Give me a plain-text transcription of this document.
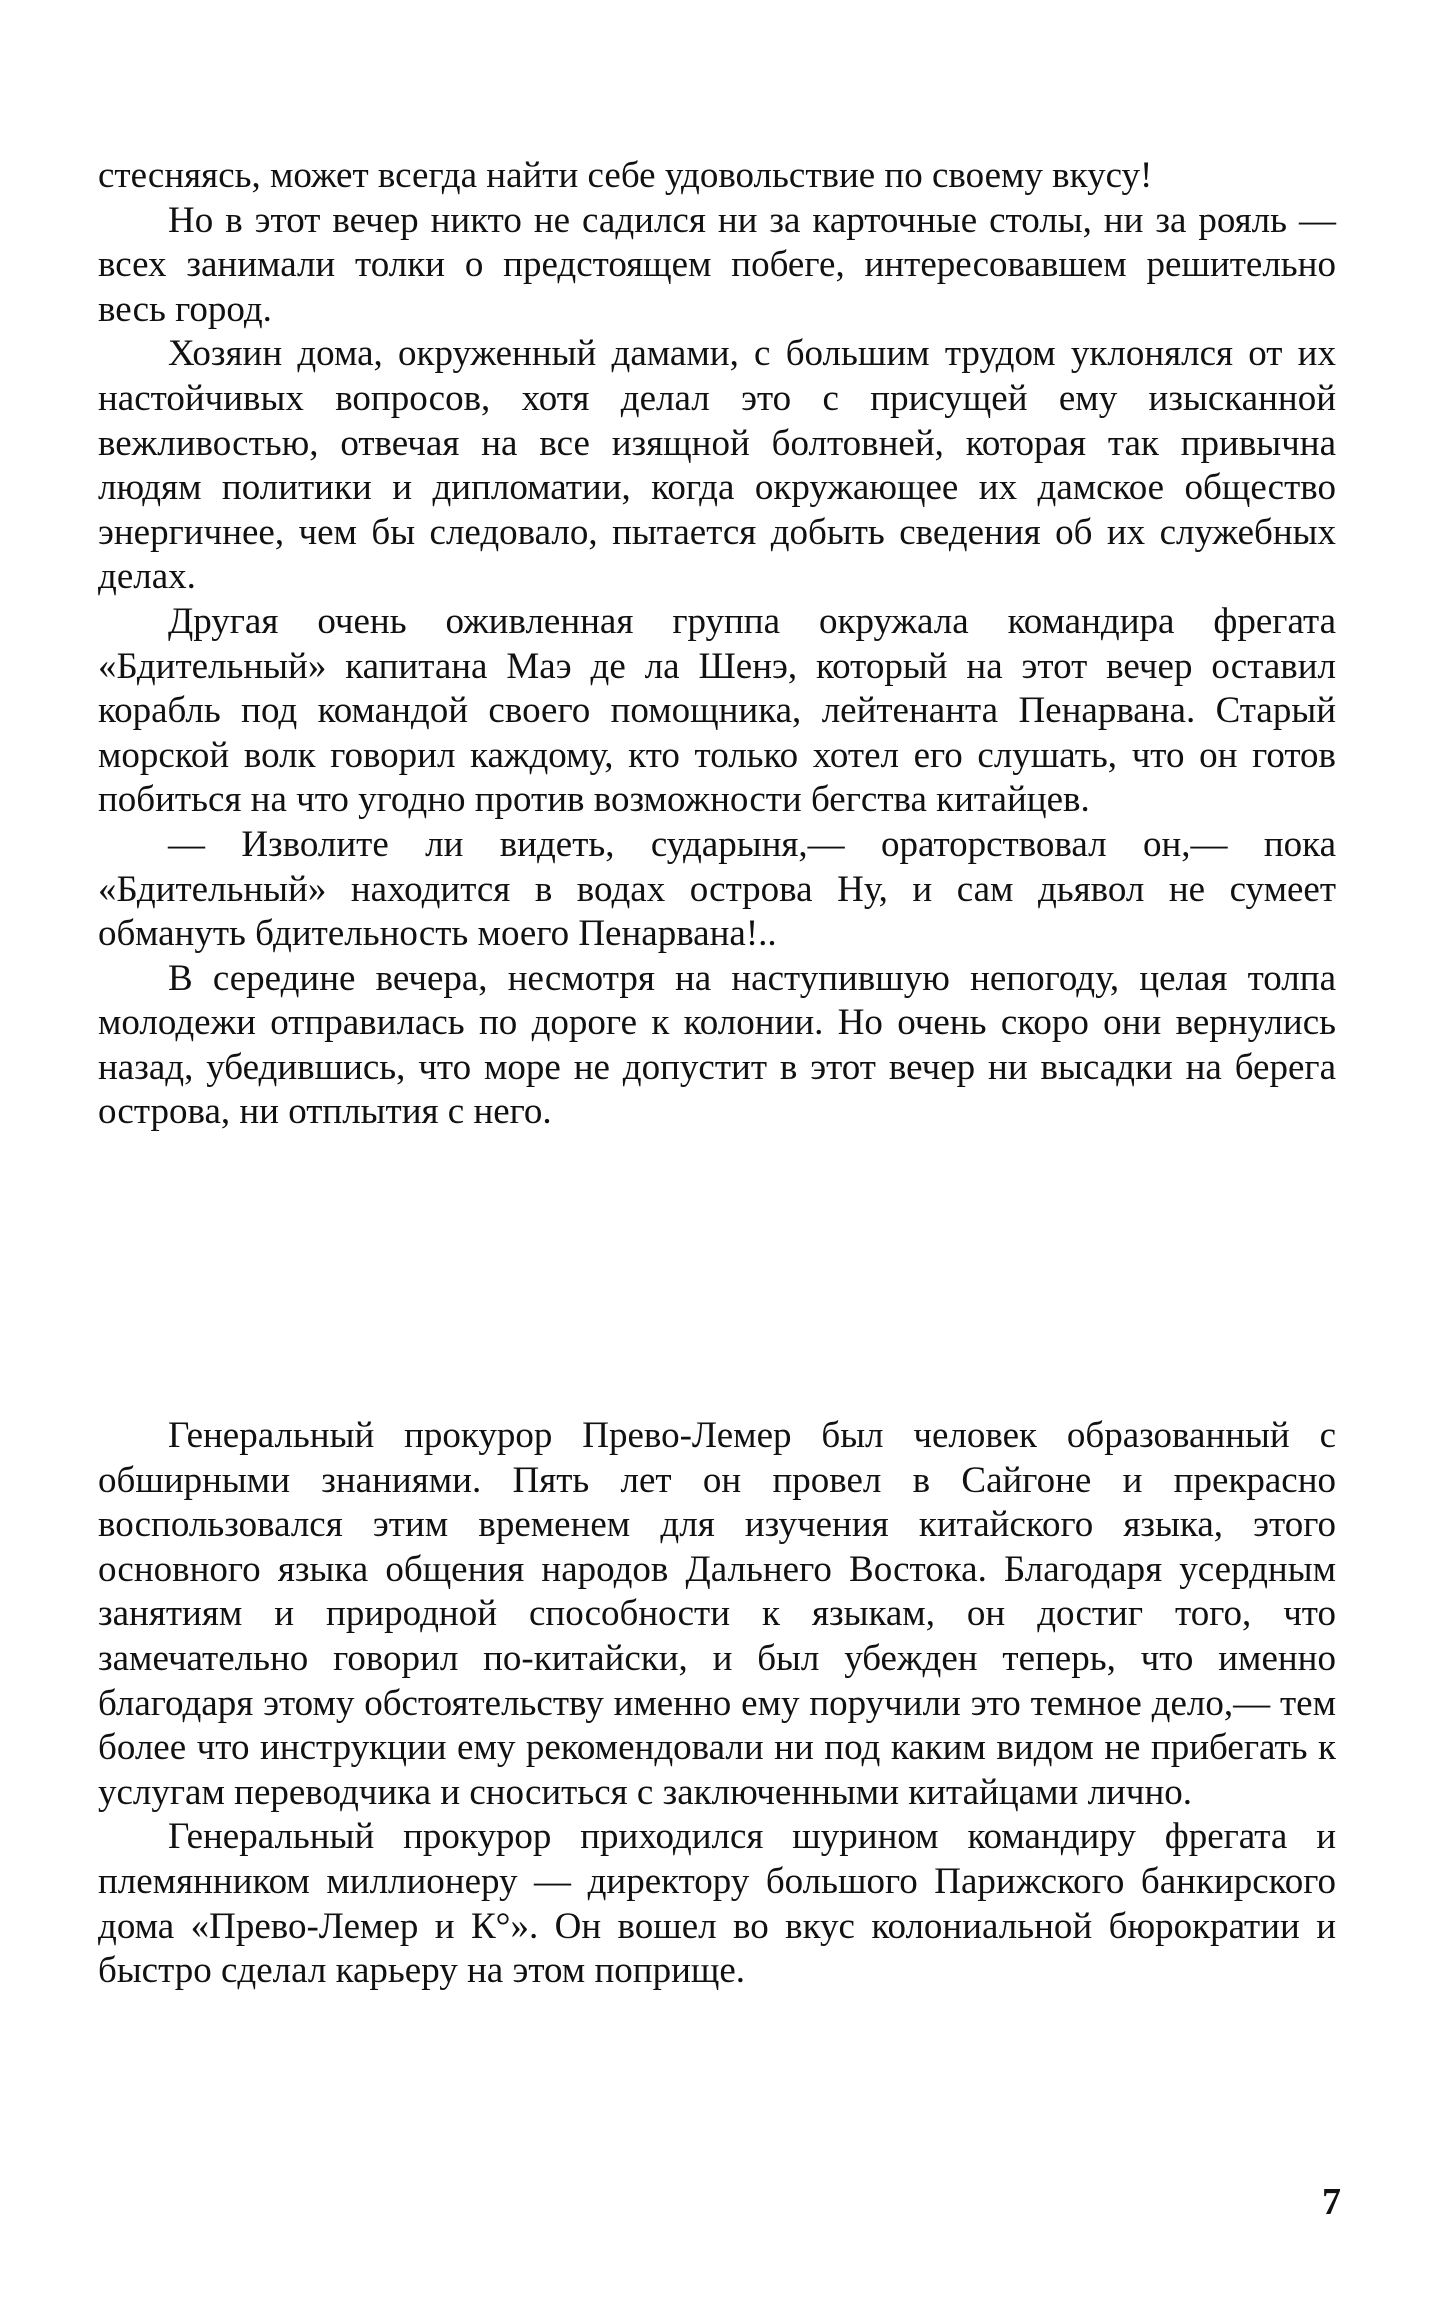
стесняясь, может всегда найти себе удовольствие по своему вкусу!

Но в этот вечер никто не садился ни за карточные столы, ни за рояль — всех занимали толки о предстоящем побеге, интересовавшем решительно весь город.

Хозяин дома, окруженный дамами, с большим трудом уклонялся от их настойчивых вопросов, хотя делал это с присущей ему изысканной вежливостью, отвечая на все изящной болтовней, которая так привычна людям политики и дипломатии, когда окружающее их дамское общество энергичнее, чем бы следовало, пытается добыть сведения об их служебных делах.

Другая очень оживленная группа окружала командира фрегата «Бдительный» капитана Маэ де ла Шенэ, который на этот вечер оставил корабль под командой своего помощника, лейтенанта Пенарвана. Старый морской волк говорил каждому, кто только хотел его слушать, что он готов побиться на что угодно против возможности бегства китайцев.

— Изволите ли видеть, сударыня,— ораторствовал он,— пока «Бдительный» находится в водах острова Ну, и сам дьявол не сумеет обмануть бдительность моего Пенарвана!..

В середине вечера, несмотря на наступившую непогоду, целая толпа молодежи отправилась по дороге к колонии. Но очень скоро они вернулись назад, убедившись, что море не допустит в этот вечер ни высадки на берега острова, ни отплытия с него.

Генеральный прокурор Прево-Лемер был человек образованный с обширными знаниями. Пять лет он провел в Сайгоне и прекрасно воспользовался этим временем для изучения китайского языка, этого основного языка общения народов Дальнего Востока. Благодаря усердным занятиям и природной способности к языкам, он достиг того, что замечательно говорил по-китайски, и был убежден теперь, что именно благодаря этому обстоятельству именно ему поручили это темное дело,— тем более что инструкции ему рекомендовали ни под каким видом не прибегать к услугам переводчика и сноситься с заключенными китайцами лично.

Генеральный прокурор приходился шурином командиру фрегата и племянником миллионеру — директору большого Парижского банкирского дома «Прево-Лемер и К°». Он вошел во вкус колониальной бюрократии и быстро сделал карьеру на этом поприще.

7
